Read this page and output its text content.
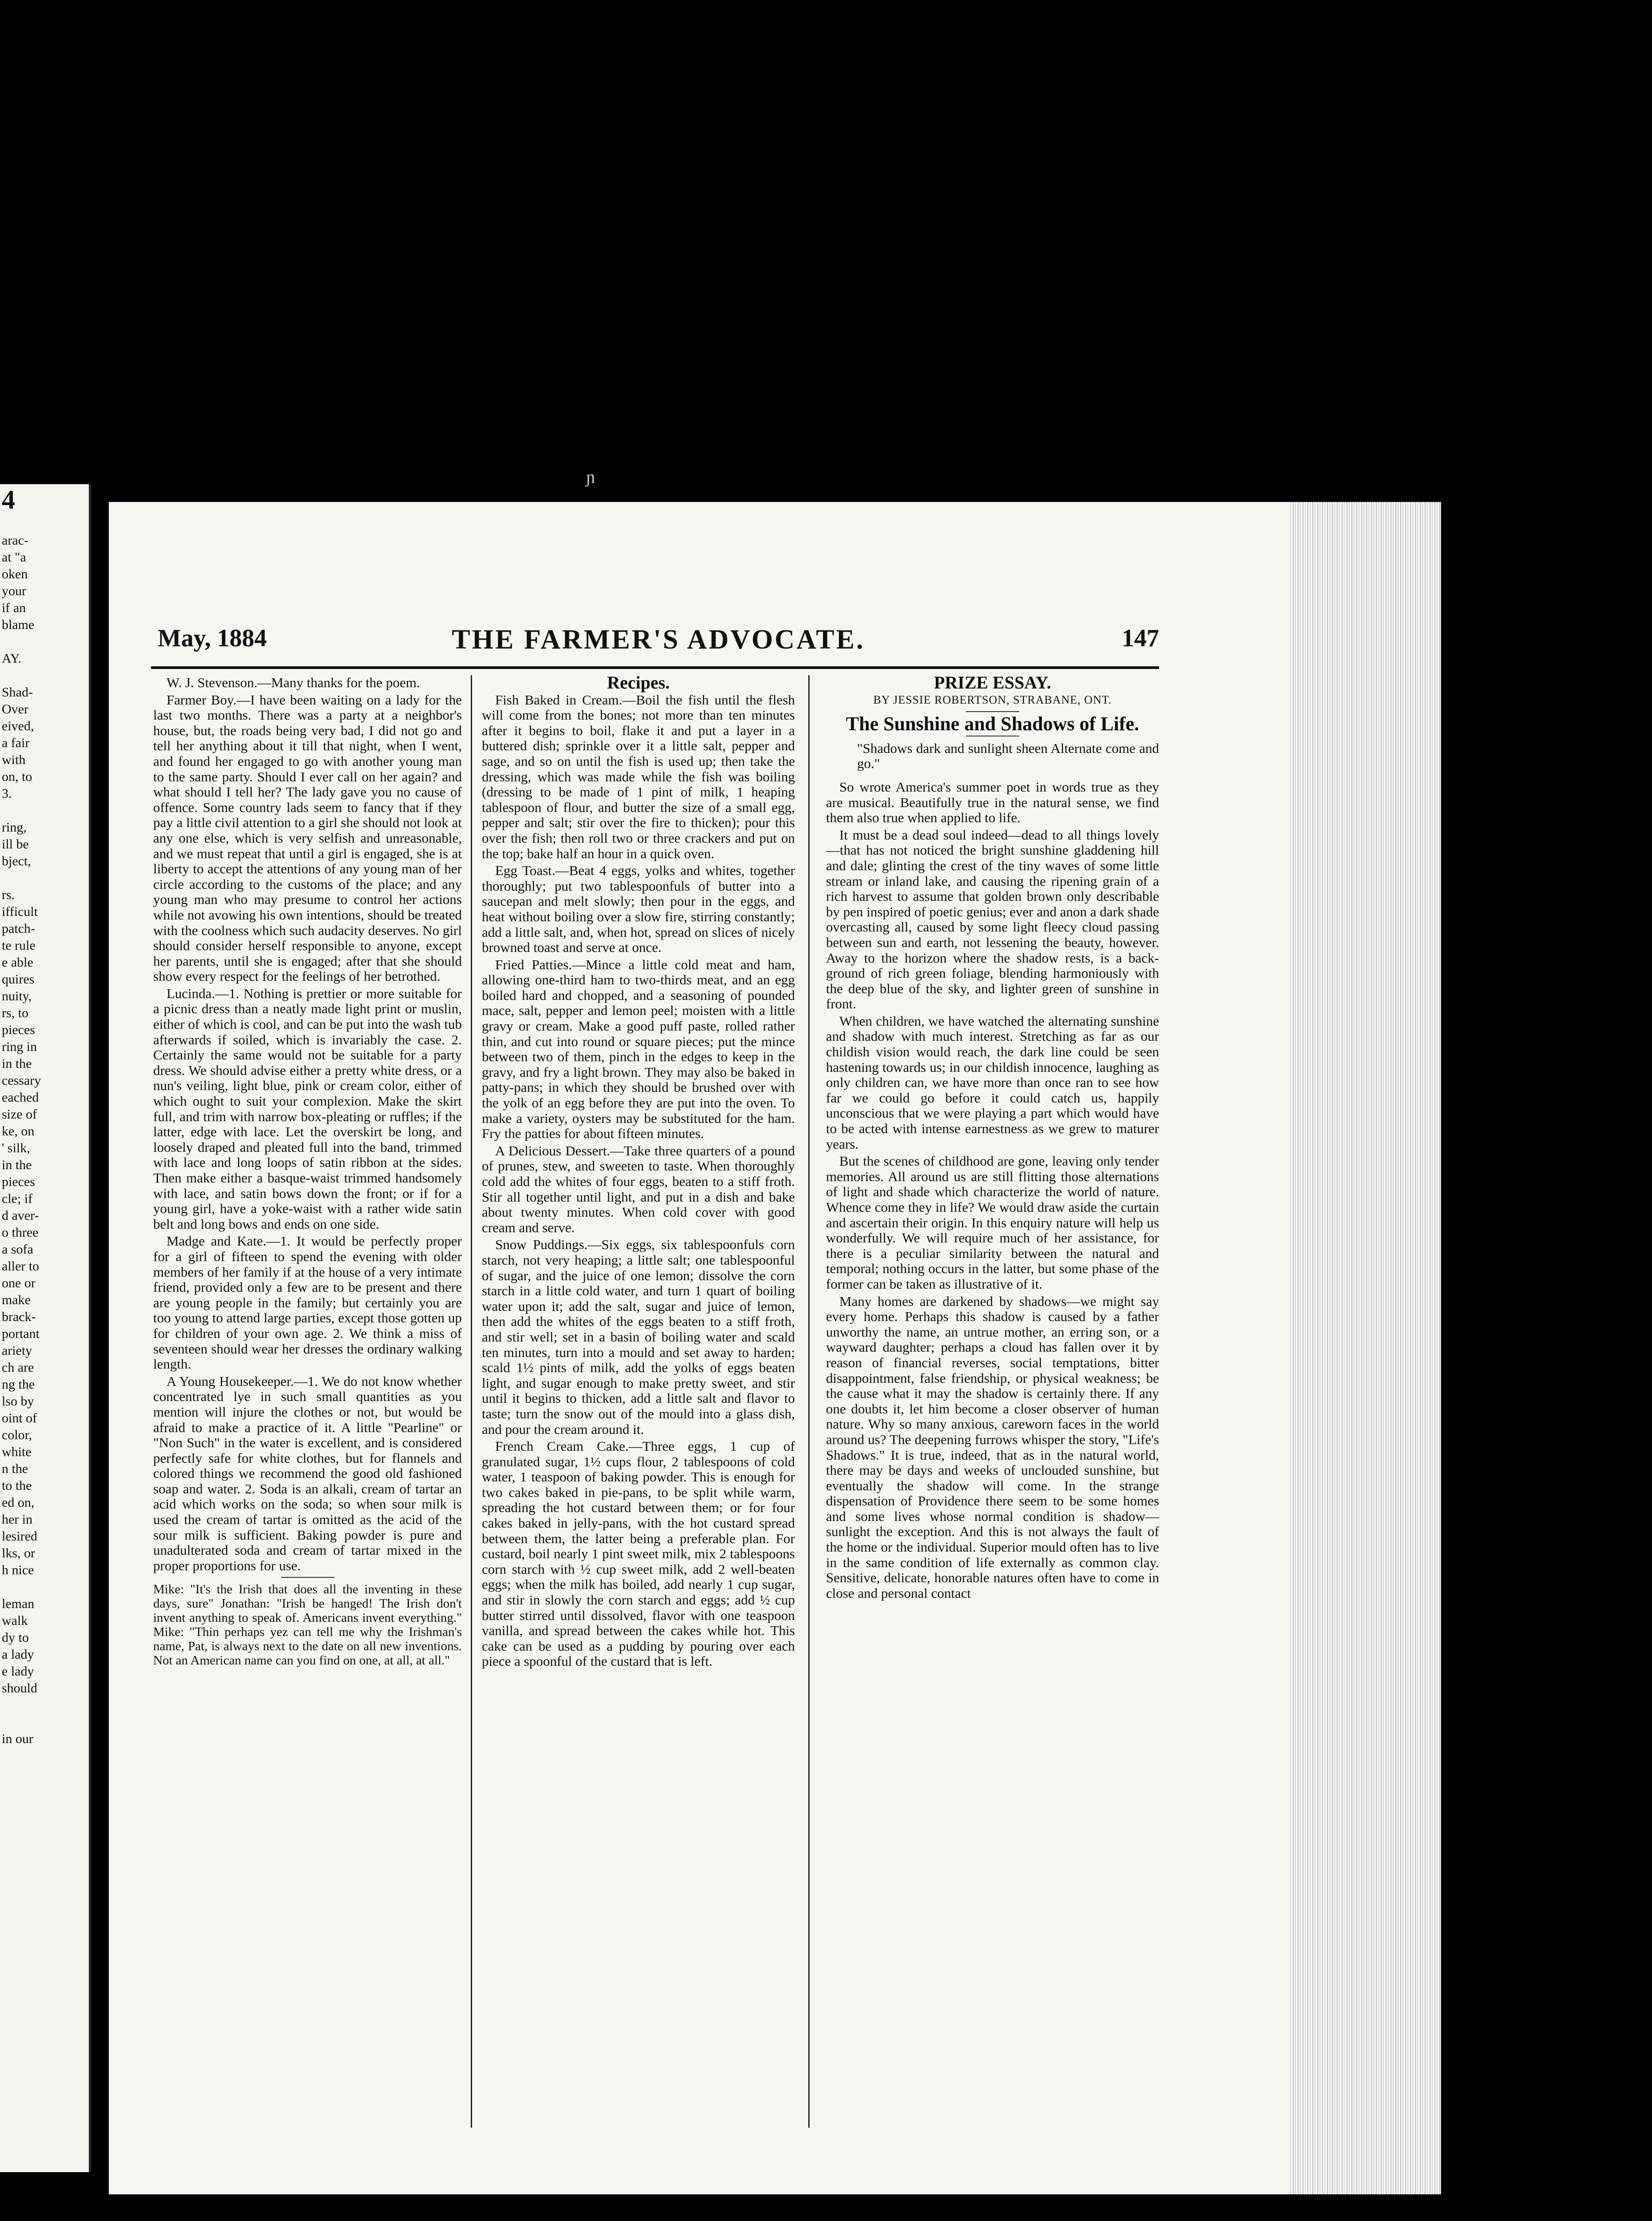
4
arac-
at "a
oken
your
if an
blame
AY.
Shad-
Over
eived,
a fair
with
on, to
3.
ring,
ill be
bject,
rs.
ifficult
patch-
te rule
e able
quires
nuity,
rs, to
pieces
ring in
in the
cessary
eached
size of
ke, on
' silk,
in the
pieces
cle; if
d aver-
o three
a sofa
aller to
one or
make
brack-
portant
ariety
ch are
ng the
lso by
oint of
color,
white
n the
to the
ed on,
her in
lesired
lks, or
h nice
leman
walk
dy to
a lady
e lady
should
in our
ɲ
May, 1884	THE FARMER'S ADVOCATE.	147

W. J. Stevenson.—Many thanks for the poem.

Farmer Boy.—I have been waiting on a lady for the last two months. There was a party at a neighbor's house, but, the roads being very bad, I did not go and tell her anything about it till that night, when I went, and found her engaged to go with another young man to the same party. Should I ever call on her again? and what should I tell her? The lady gave you no cause of offence. Some country lads seem to fancy that if they pay a little civil attention to a girl she should not look at any one else, which is very selfish and unreasonable, and we must repeat that until a girl is engaged, she is at liberty to accept the attentions of any young man of her circle according to the customs of the place; and any young man who may presume to control her actions while not avowing his own intentions, should be treated with the coolness which such audacity deserves. No girl should consider herself responsible to anyone, except her parents, until she is engaged; after that she should show every respect for the feelings of her betrothed.

Lucinda.—1. Nothing is prettier or more suitable for a picnic dress than a neatly made light print or muslin, either of which is cool, and can be put into the wash tub afterwards if soiled, which is invariably the case. 2. Certainly the same would not be suitable for a party dress. We should advise either a pretty white dress, or a nun's veiling, light blue, pink or cream color, either of which ought to suit your complexion. Make the skirt full, and trim with narrow box-pleating or ruffles; if the latter, edge with lace. Let the overskirt be long, and loosely draped and pleated full into the band, trimmed with lace and long loops of satin ribbon at the sides. Then make either a basque-waist trimmed handsomely with lace, and satin bows down the front; or if for a young girl, have a yoke-waist with a rather wide satin belt and long bows and ends on one side.

Madge and Kate.—1. It would be perfectly proper for a girl of fifteen to spend the evening with older members of her family if at the house of a very intimate friend, provided only a few are to be present and there are young people in the family; but certainly you are too young to attend large parties, except those gotten up for children of your own age. 2. We think a miss of seventeen should wear her dresses the ordinary walking length.

A Young Housekeeper.—1. We do not know whether concentrated lye in such small quantities as you mention will injure the clothes or not, but would be afraid to make a practice of it. A little "Pearline" or "Non Such" in the water is excellent, and is considered perfectly safe for white clothes, but for flannels and colored things we recommend the good old fashioned soap and water. 2. Soda is an alkali, cream of tartar an acid which works on the soda; so when sour milk is used the cream of tartar is omitted as the acid of the sour milk is sufficient. Baking powder is pure and unadulterated soda and cream of tartar mixed in the proper proportions for use.

Mike: "It's the Irish that does all the inventing in these days, sure" Jonathan: "Irish be hanged! The Irish don't invent anything to speak of. Americans invent everything." Mike: "Thin perhaps yez can tell me why the Irishman's name, Pat, is always next to the date on all new inventions. Not an American name can you find on one, at all, at all."

Recipes.

Fish Baked in Cream.—Boil the fish until the flesh will come from the bones; not more than ten minutes after it begins to boil, flake it and put a layer in a buttered dish; sprinkle over it a little salt, pepper and sage, and so on until the fish is used up; then take the dressing, which was made while the fish was boiling (dressing to be made of 1 pint of milk, 1 heaping tablespoon of flour, and butter the size of a small egg, pepper and salt; stir over the fire to thicken); pour this over the fish; then roll two or three crackers and put on the top; bake half an hour in a quick oven.

Egg Toast.—Beat 4 eggs, yolks and whites, together thoroughly; put two tablespoonfuls of butter into a saucepan and melt slowly; then pour in the eggs, and heat without boiling over a slow fire, stirring constantly; add a little salt, and, when hot, spread on slices of nicely browned toast and serve at once.

Fried Patties.—Mince a little cold meat and ham, allowing one-third ham to two-thirds meat, and an egg boiled hard and chopped, and a seasoning of pounded mace, salt, pepper and lemon peel; moisten with a little gravy or cream. Make a good puff paste, rolled rather thin, and cut into round or square pieces; put the mince between two of them, pinch in the edges to keep in the gravy, and fry a light brown. They may also be baked in patty-pans; in which they should be brushed over with the yolk of an egg before they are put into the oven. To make a variety, oysters may be substituted for the ham. Fry the patties for about fifteen minutes.

A Delicious Dessert.—Take three quarters of a pound of prunes, stew, and sweeten to taste. When thoroughly cold add the whites of four eggs, beaten to a stiff froth. Stir all together until light, and put in a dish and bake about twenty minutes. When cold cover with good cream and serve.

Snow Puddings.—Six eggs, six tablespoonfuls corn starch, not very heaping; a little salt; one tablespoonful of sugar, and the juice of one lemon; dissolve the corn starch in a little cold water, and turn 1 quart of boiling water upon it; add the salt, sugar and juice of lemon, then add the whites of the eggs beaten to a stiff froth, and stir well; set in a basin of boiling water and scald ten minutes, turn into a mould and set away to harden; scald 1½ pints of milk, add the yolks of eggs beaten light, and sugar enough to make pretty sweet, and stir until it begins to thicken, add a little salt and flavor to taste; turn the snow out of the mould into a glass dish, and pour the cream around it.

French Cream Cake.—Three eggs, 1 cup of granulated sugar, 1½ cups flour, 2 tablespoons of cold water, 1 teaspoon of baking powder. This is enough for two cakes baked in pie-pans, to be split while warm, spreading the hot custard between them; or for four cakes baked in jelly-pans, with the hot custard spread between them, the latter being a preferable plan. For custard, boil nearly 1 pint sweet milk, mix 2 tablespoons corn starch with ½ cup sweet milk, add 2 well-beaten eggs; when the milk has boiled, add nearly 1 cup sugar, and stir in slowly the corn starch and eggs; add ½ cup butter stirred until dissolved, flavor with one teaspoon vanilla, and spread between the cakes while hot. This cake can be used as a pudding by pouring over each piece a spoonful of the custard that is left.

PRIZE ESSAY.

BY JESSIE ROBERTSON, STRABANE, ONT.

The Sunshine and Shadows of Life.

"Shadows dark and sunlight sheen Alternate come and go."

So wrote America's summer poet in words true as they are musical. Beautifully true in the natural sense, we find them also true when applied to life.

It must be a dead soul indeed—dead to all things lovely—that has not noticed the bright sunshine gladdening hill and dale; glinting the crest of the tiny waves of some little stream or inland lake, and causing the ripening grain of a rich harvest to assume that golden brown only describable by pen inspired of poetic genius; ever and anon a dark shade overcasting all, caused by some light fleecy cloud passing between sun and earth, not lessening the beauty, however. Away to the horizon where the shadow rests, is a back-ground of rich green foliage, blending harmoniously with the deep blue of the sky, and lighter green of sunshine in front.

When children, we have watched the alternating sunshine and shadow with much interest. Stretching as far as our childish vision would reach, the dark line could be seen hastening towards us; in our childish innocence, laughing as only children can, we have more than once ran to see how far we could go before it could catch us, happily unconscious that we were playing a part which would have to be acted with intense earnestness as we grew to maturer years.

But the scenes of childhood are gone, leaving only tender memories. All around us are still flitting those alternations of light and shade which characterize the world of nature. Whence come they in life? We would draw aside the curtain and ascertain their origin. In this enquiry nature will help us wonderfully. We will require much of her assistance, for there is a peculiar similarity between the natural and temporal; nothing occurs in the latter, but some phase of the former can be taken as illustrative of it.

Many homes are darkened by shadows—we might say every home. Perhaps this shadow is caused by a father unworthy the name, an untrue mother, an erring son, or a wayward daughter; perhaps a cloud has fallen over it by reason of financial reverses, social temptations, bitter disappointment, false friendship, or physical weakness; be the cause what it may the shadow is certainly there. If any one doubts it, let him become a closer observer of human nature. Why so many anxious, careworn faces in the world around us? The deepening furrows whisper the story, "Life's Shadows." It is true, indeed, that as in the natural world, there may be days and weeks of unclouded sunshine, but eventually the shadow will come. In the strange dispensation of Providence there seem to be some homes and some lives whose normal condition is shadow—sunlight the exception. And this is not always the fault of the home or the individual. Superior mould often has to live in the same condition of life externally as common clay. Sensitive, delicate, honorable natures often have to come in close and personal contact
